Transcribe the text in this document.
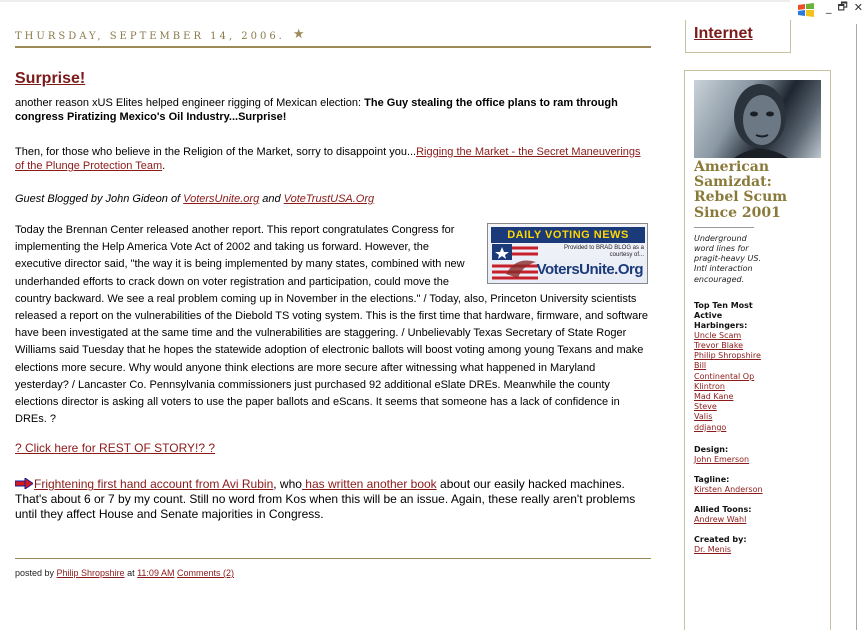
_ 🗗 ✕
THURSDAY, SEPTEMBER 14, 2006. ★
Surprise!
another reason xUS Elites helped engineer rigging of Mexican election: The Guy stealing the office plans to ram through congress Piratizing Mexico's Oil Industry...Surprise!
Then, for those who believe in the Religion of the Market, sorry to disappoint you...Rigging the Market - the Secret Maneuverings of the Plunge Protection Team.
Guest Blogged by John Gideon of VotersUnite.org and VoteTrustUSA.Org
DAILY VOTING NEWS
Provided to BRAD BLOG as a courtesy of...
VotersUnite.Org
Today the Brennan Center released another report. This report congratulates Congress for implementing the Help America Vote Act of 2002 and taking us forward. However, the executive director said, "the way it is being implemented by many states, combined with new underhanded efforts to crack down on voter registration and participation, could move the country backward. We see a real problem coming up in November in the elections." / Today, also, Princeton University scientists released a report on the vulnerabilities of the Diebold TS voting system. This is the first time that hardware, firmware, and software have been investigated at the same time and the vulnerabilities are staggering. / Unbelievably Texas Secretary of State Roger Williams said Tuesday that he hopes the statewide adoption of electronic ballots will boost voting among young Texans and make elections more secure. Why would anyone think elections are more secure after witnessing what happened in Maryland yesterday? / Lancaster Co. Pennsylvania commissioners just purchased 92 additional eSlate DREs. Meanwhile the county elections director is asking all voters to use the paper ballots and eScans. It seems that someone has a lack of confidence in DREs. ?
? Click here for REST OF STORY!? ?
Frightening first hand account from Avi Rubin, who has written another book about our easily hacked machines. That's about 6 or 7 by my count. Still no word from Kos when this will be an issue. Again, these really aren't problems until they affect House and Senate majorities in Congress.
posted by Philip Shropshire at 11:09 AM Comments (2)
Internet
American Samizdat: Rebel Scum Since 2001
Underground word lines for pragit-heavy US. Intl interaction encouraged.
Top Ten Most Active Harbingers:
Uncle Scam
Trevor Blake
Philip Shropshire
Bill
Continental Op
Klintron
Mad Kane
Steve
Valis
ddjango
Design:
John Emerson
Tagline:
Kirsten Anderson
Allied Toons:
Andrew Wahl
Created by:
Dr. Menis
